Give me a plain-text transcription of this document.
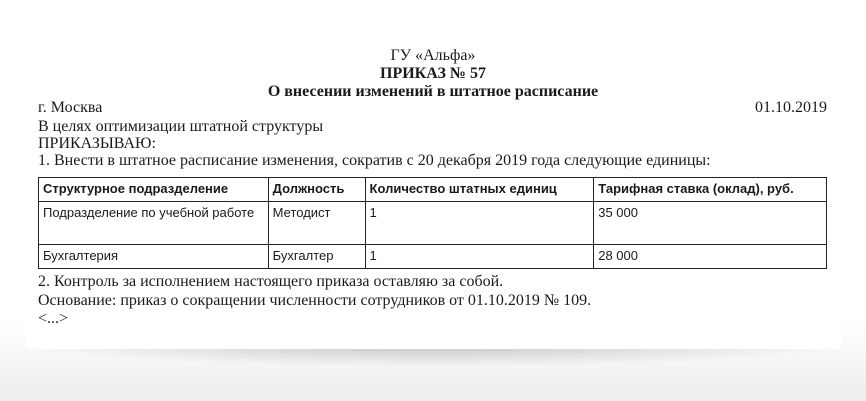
ГУ «Альфа»
ПРИКАЗ № 57
О внесении изменений в штатное расписание
г. Москва	01.10.2019
В целях оптимизации штатной структуры
ПРИКАЗЫВАЮ:
1. Внести в штатное расписание изменения, сократив с 20 декабря 2019 года следующие единицы:
Структурное подразделение	Должность	Количество штатных единиц	Тарифная ставка (оклад), руб.
Подразделение по учебной работе	Методист	1	35 000
Бухгалтерия	Бухгалтер	1	28 000
2. Контроль за исполнением настоящего приказа оставляю за собой.
Основание: приказ о сокращении численности сотрудников от 01.10.2019 № 109.
<...>
